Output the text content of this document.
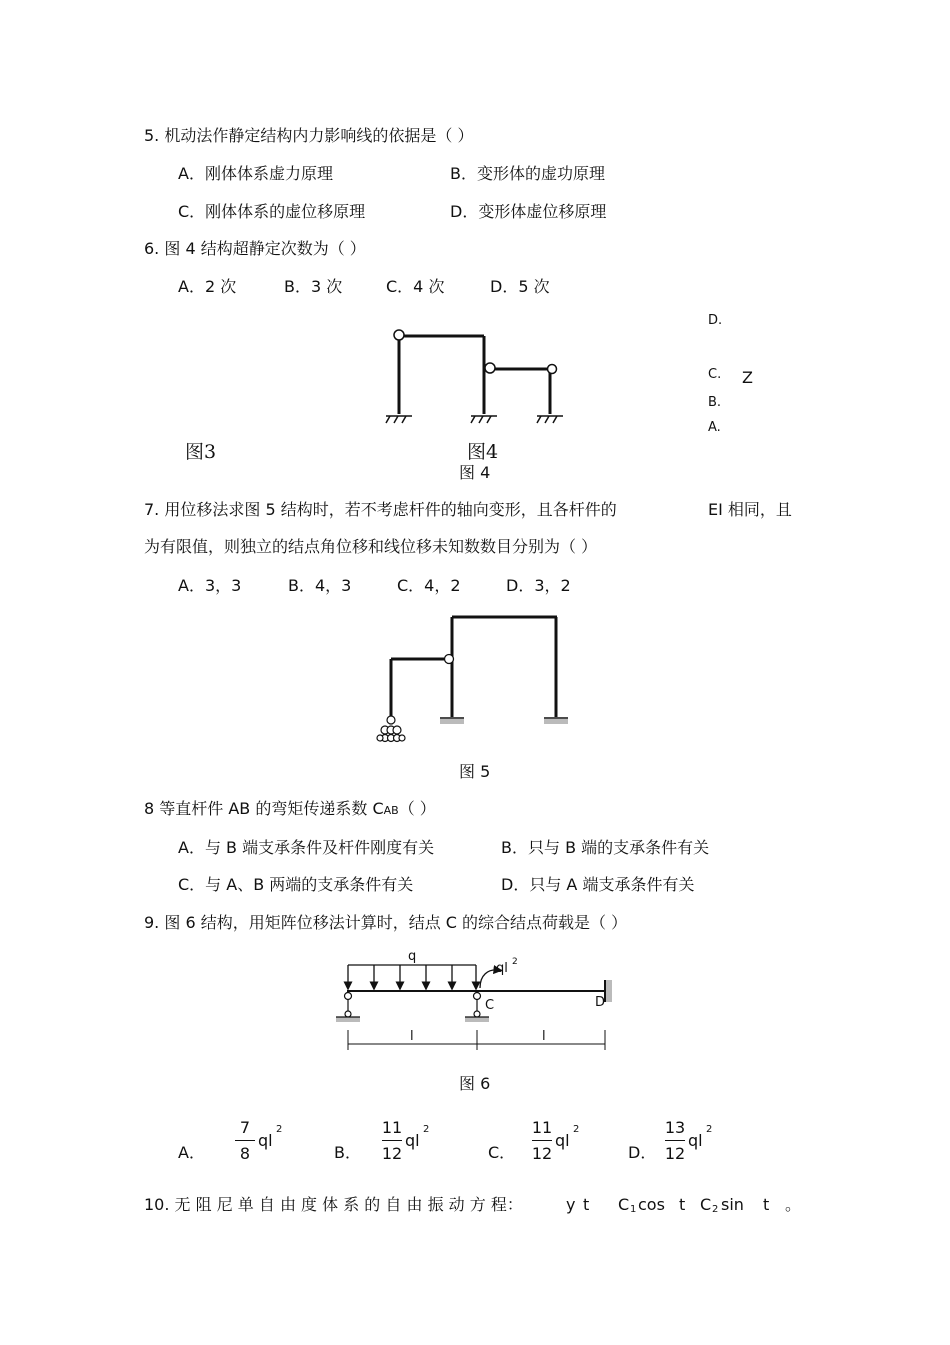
5. 机动法作静定结构内力影响线的依据是（ ）
A．刚体体系虚力原理	B．变形体的虚功原理
C．刚体体系的虚位移原理	D．变形体虚位移原理
6. 图 4 结构超静定次数为（ ）
A．2 次	B．3 次	C．4 次	D．5 次
图3	图4
图 4
D.
C. Z
B.
A.
7. 用位移法求图 5 结构时，若不考虑杆件的轴向变形，且各杆件的	EI 相同，且
为有限值，则独立的结点角位移和线位移未知数数目分别为（ ）
A．3，3	B．4，3	C．4，2	D．3，2
图 5
8 等直杆件 AB 的弯矩传递系数 CAB（ ）
A．与 B 端支承条件及杆件刚度有关	B．只与 B 端的支承条件有关
C．与 A、B 两端的支承条件有关	D．只与 A 端支承条件有关
9. 图 6 结构，用矩阵位移法计算时，结点 C 的综合结点荷载是（ ）
q
ql 2
C	D
l	l
图 6
A．
7
8
ql
2
B．
11
12
ql
2
C．
11
12
ql
2
D．
13
12
ql
2
10. 无 阻 尼 单 自 由 度 体 系 的 自 由 振 动 方 程：	y t C 1 cos t C 2 sin t 。
